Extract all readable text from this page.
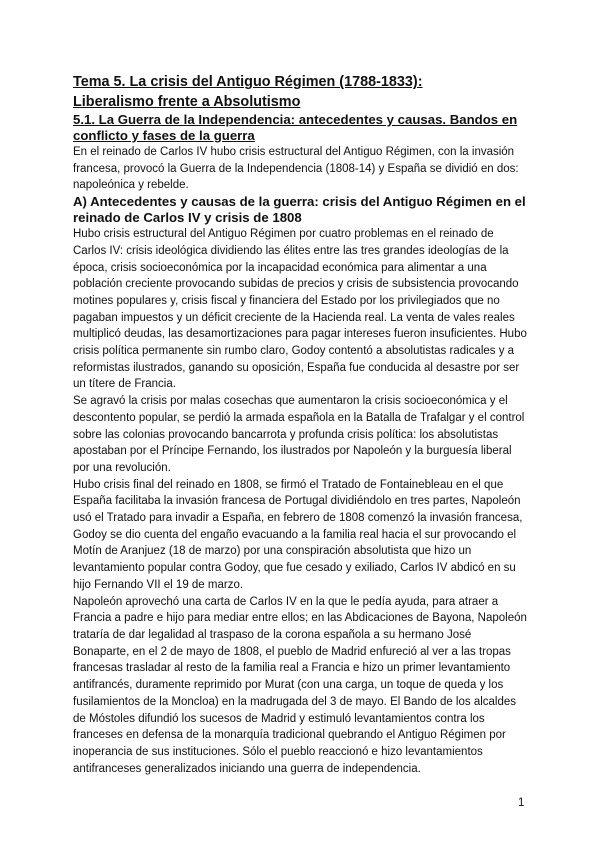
Tema 5. La crisis del Antiguo Régimen (1788-1833):
Liberalismo frente a Absolutismo
5.1. La Guerra de la Independencia: antecedentes y causas. Bandos en conflicto y fases de la guerra

En el reinado de Carlos IV hubo crisis estructural del Antiguo Régimen, con la invasión francesa, provocó la Guerra de la Independencia (1808-14) y España se dividió en dos: napoleónica y rebelde.

A) Antecedentes y causas de la guerra: crisis del Antiguo Régimen en el reinado de Carlos IV y crisis de 1808

Hubo crisis estructural del Antiguo Régimen por cuatro problemas en el reinado de Carlos IV: crisis ideológica dividiendo las élites entre las tres grandes ideologías de la época, crisis socioeconómica por la incapacidad económica para alimentar a una población creciente provocando subidas de precios y crisis de subsistencia provocando motines populares y, crisis fiscal y financiera del Estado por los privilegiados que no pagaban impuestos y un déficit creciente de la Hacienda real. La venta de vales reales multiplicó deudas, las desamortizaciones para pagar intereses fueron insuficientes. Hubo crisis política permanente sin rumbo claro, Godoy contentó a absolutistas radicales y a reformistas ilustrados, ganando su oposición, España fue conducida al desastre por ser un títere de Francia.

Se agravó la crisis por malas cosechas que aumentaron la crisis socioeconómica y el descontento popular, se perdió la armada española en la Batalla de Trafalgar y el control sobre las colonias provocando bancarrota y profunda crisis política: los absolutistas apostaban por el Príncipe Fernando, los ilustrados por Napoleón y la burguesía liberal por una revolución.

Hubo crisis final del reinado en 1808, se firmó el Tratado de Fontainebleau en el que España facilitaba la invasión francesa de Portugal dividiéndolo en tres partes, Napoleón usó el Tratado para invadir a España, en febrero de 1808 comenzó la invasión francesa, Godoy se dio cuenta del engaño evacuando a la familia real hacia el sur provocando el Motín de Aranjuez (18 de marzo) por una conspiración absolutista que hizo un levantamiento popular contra Godoy, que fue cesado y exiliado, Carlos IV abdicó en su hijo Fernando VII el 19 de marzo.

Napoleón aprovechó una carta de Carlos IV en la que le pedía ayuda, para atraer a Francia a padre e hijo para mediar entre ellos; en las Abdicaciones de Bayona, Napoleón trataría de dar legalidad al traspaso de la corona española a su hermano José Bonaparte, en el 2 de mayo de 1808, el pueblo de Madrid enfureció al ver a las tropas francesas trasladar al resto de la familia real a Francia e hizo un primer levantamiento antifrancés, duramente reprimido por Murat (con una carga, un toque de queda y los fusilamientos de la Moncloa) en la madrugada del 3 de mayo. El Bando de los alcaldes de Móstoles difundió los sucesos de Madrid y estimuló levantamientos contra los franceses en defensa de la monarquía tradicional quebrando el Antiguo Régimen por inoperancia de sus instituciones. Sólo el pueblo reaccionó e hizo levantamientos antifranceses generalizados iniciando una guerra de independencia.

1
